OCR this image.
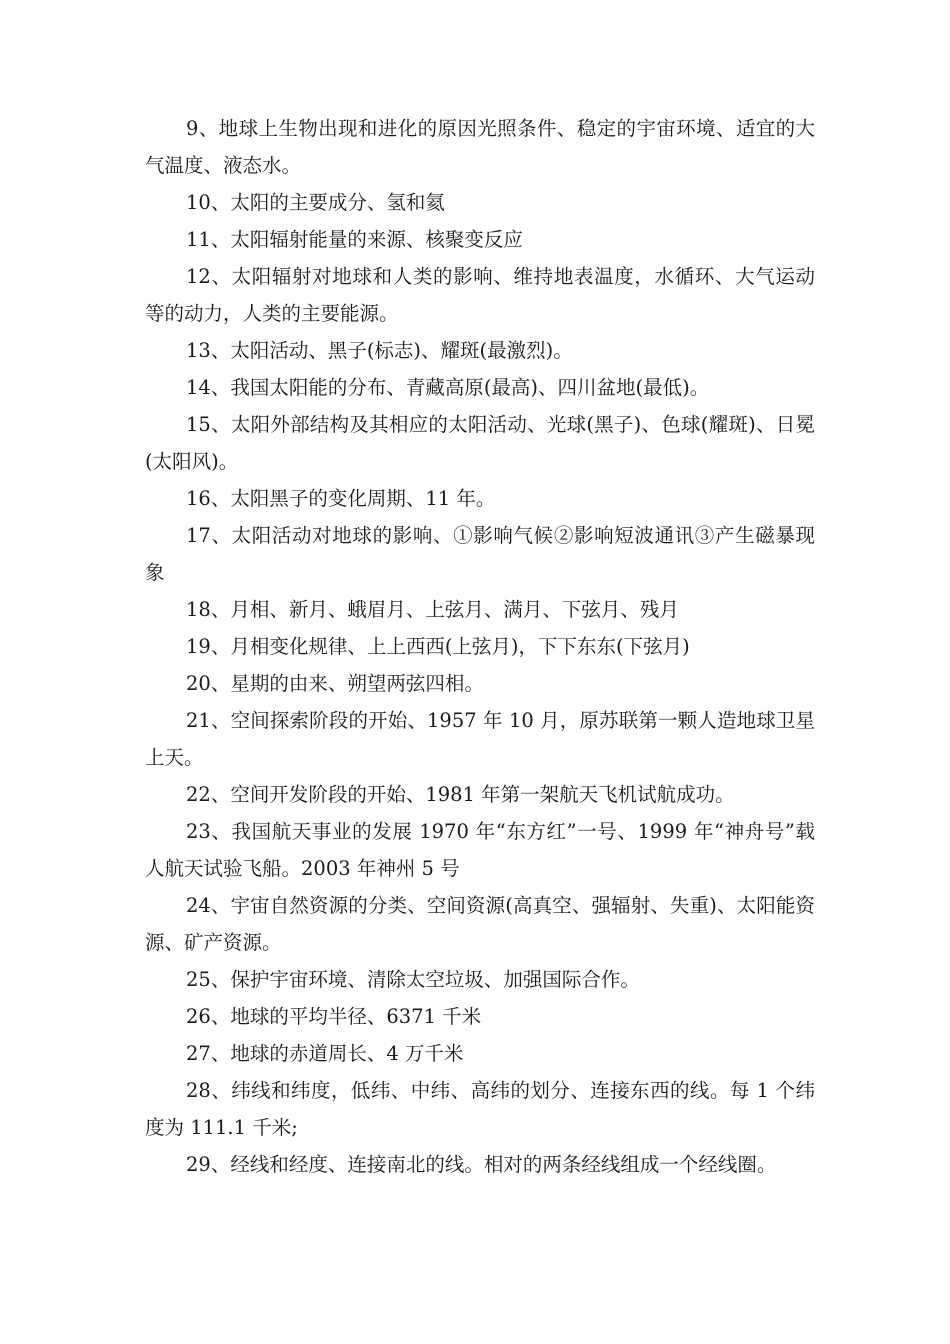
9、地球上生物出现和进化的原因光照条件、稳定的宇宙环境、适宜的大气温度、液态水。

10、太阳的主要成分、氢和氦

11、太阳辐射能量的来源、核聚变反应

12、太阳辐射对地球和人类的影响、维持地表温度，水循环、大气运动等的动力，人类的主要能源。

13、太阳活动、黑子(标志)、耀斑(最激烈)。

14、我国太阳能的分布、青藏高原(最高)、四川盆地(最低)。

15、太阳外部结构及其相应的太阳活动、光球(黑子)、色球(耀斑)、日冕(太阳风)。

16、太阳黑子的变化周期、11 年。

17、太阳活动对地球的影响、①影响气候②影响短波通讯③产生磁暴现象

18、月相、新月、蛾眉月、上弦月、满月、下弦月、残月

19、月相变化规律、上上西西(上弦月)，下下东东(下弦月)

20、星期的由来、朔望两弦四相。

21、空间探索阶段的开始、1957 年 10 月，原苏联第一颗人造地球卫星上天。

22、空间开发阶段的开始、1981 年第一架航天飞机试航成功。

23、我国航天事业的发展 1970 年“东方红”一号、1999 年“神舟号”载人航天试验飞船。2003 年神州 5 号

24、宇宙自然资源的分类、空间资源(高真空、强辐射、失重)、太阳能资源、矿产资源。

25、保护宇宙环境、清除太空垃圾、加强国际合作。

26、地球的平均半径、6371 千米

27、地球的赤道周长、4 万千米

28、纬线和纬度，低纬、中纬、高纬的划分、连接东西的线。每 1 个纬度为 111.1 千米;

29、经线和经度、连接南北的线。相对的两条经线组成一个经线圈。
